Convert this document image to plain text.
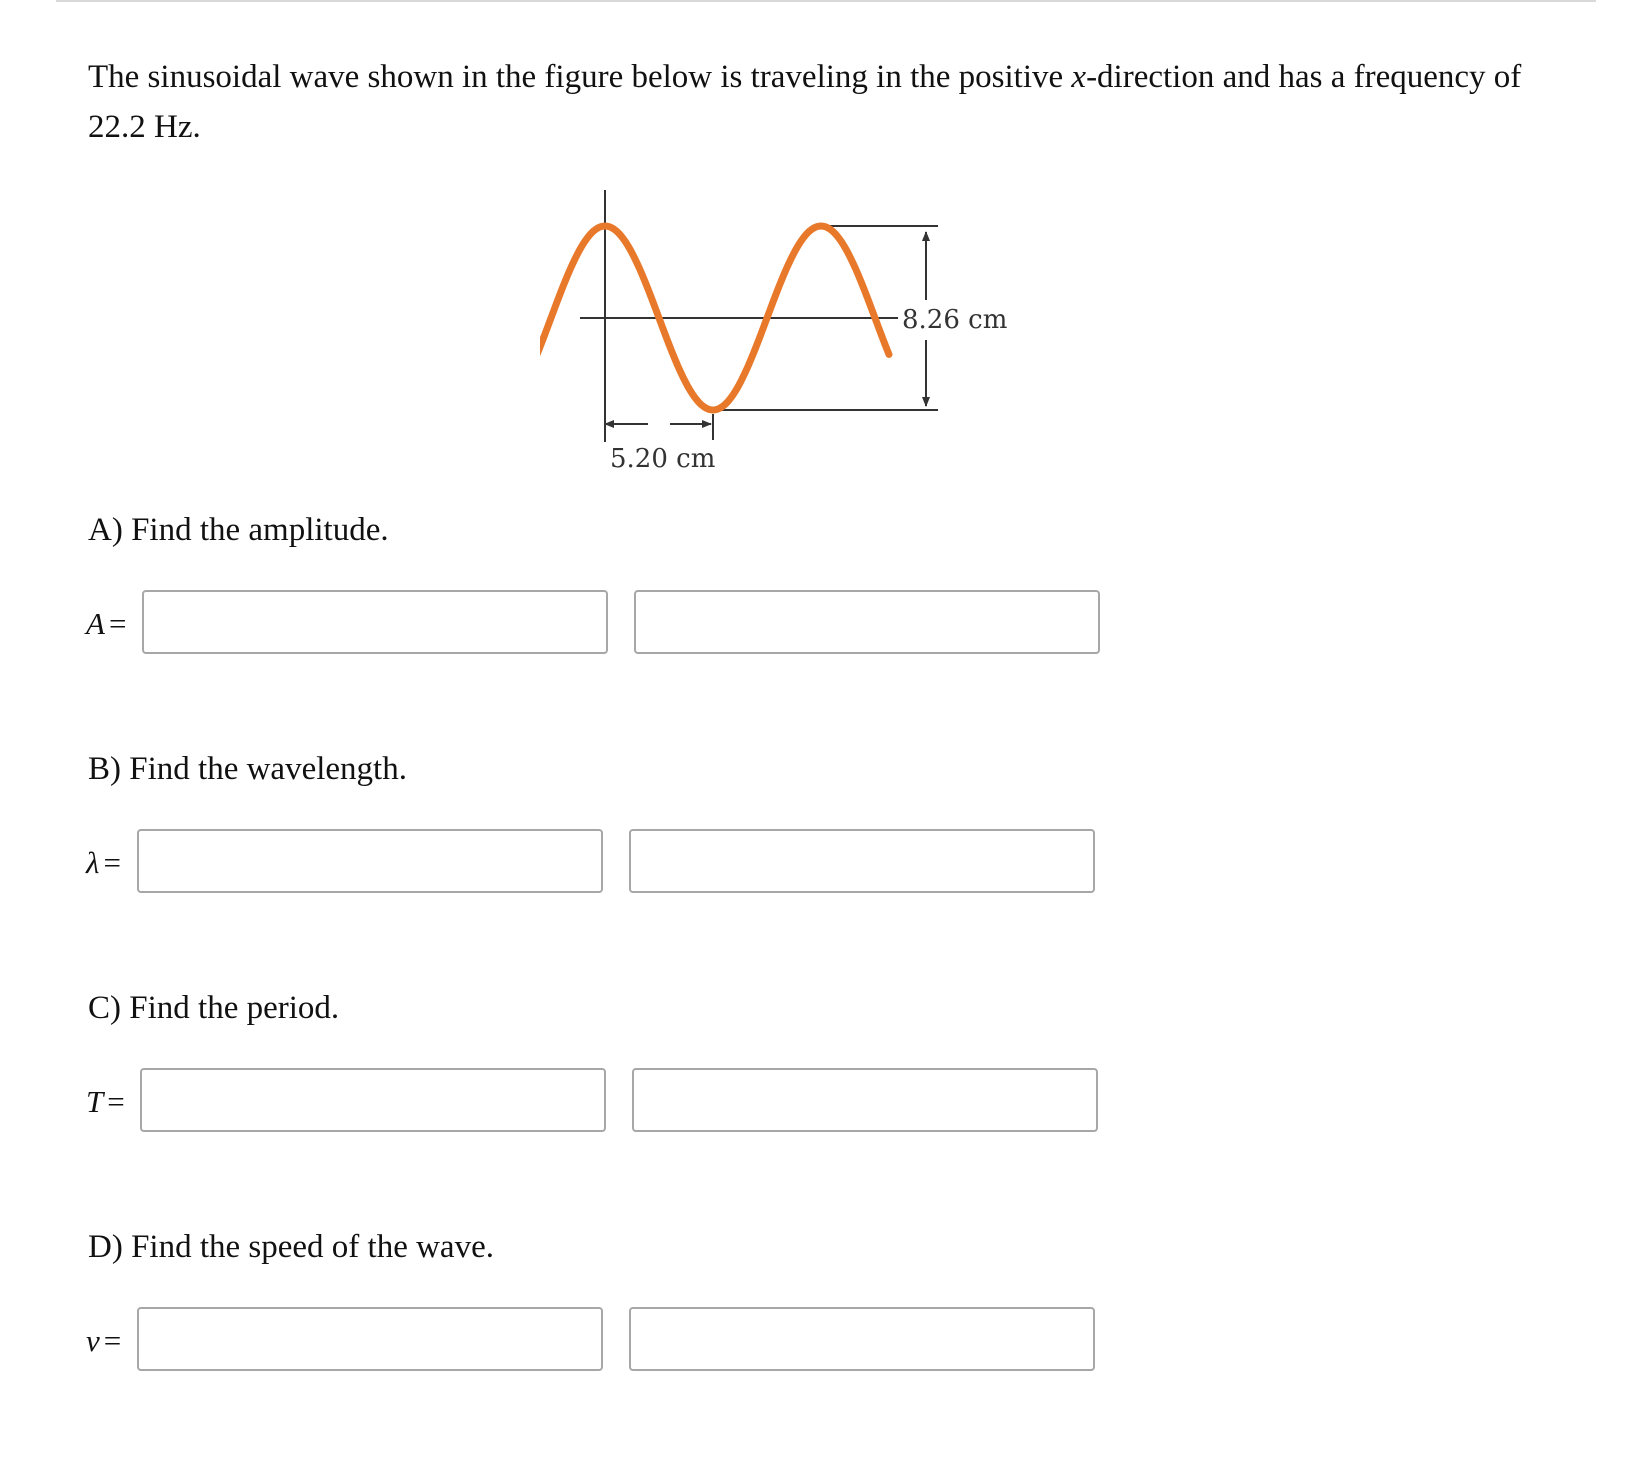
The sinusoidal wave shown in the figure below is traveling in the positive x-direction and has a frequency of 22.2 Hz.
8.26 cm
5.20 cm
A) Find the amplitude.
A =
B) Find the wavelength.
λ =
C) Find the period.
T =
D) Find the speed of the wave.
v =
